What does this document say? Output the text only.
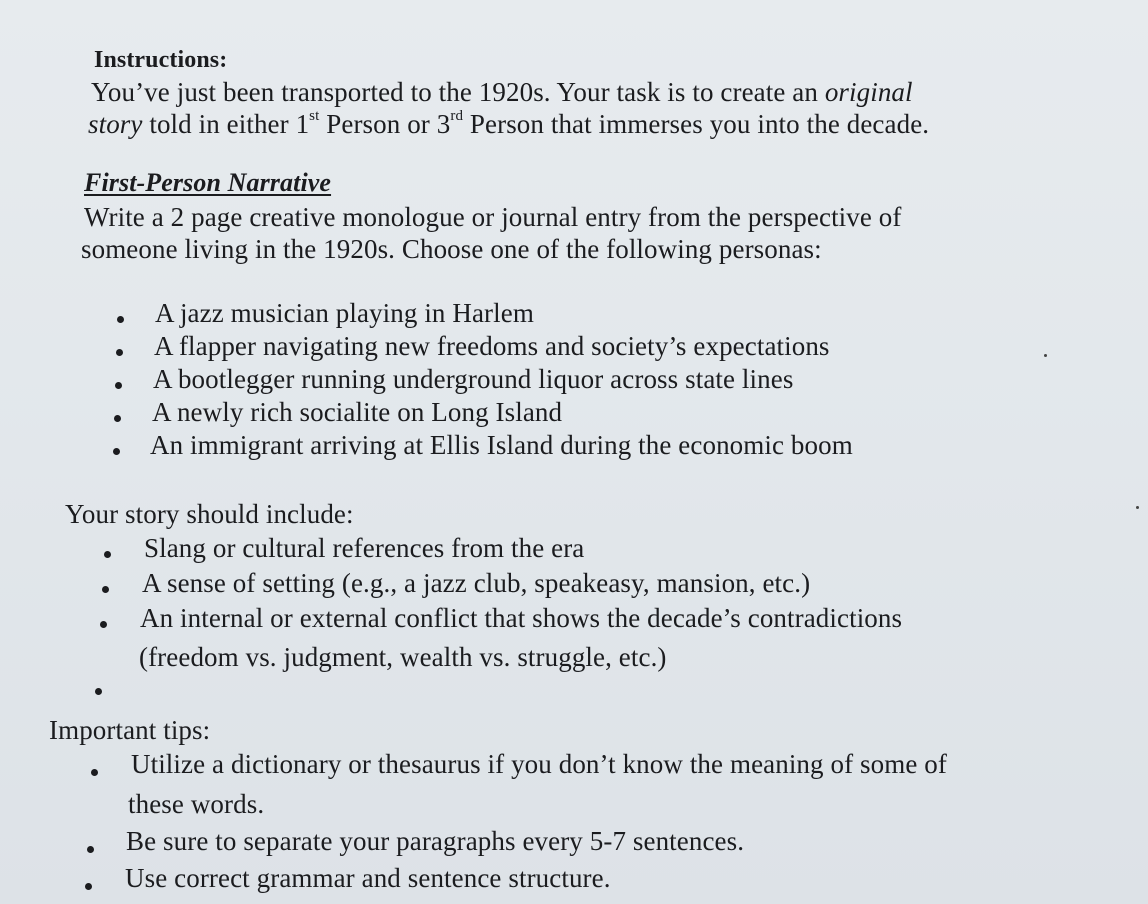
Instructions:
You’ve just been transported to the 1920s. Your task is to create an original
story told in either 1st Person or 3rd Person that immerses you into the decade.
First-Person Narrative
Write a 2 page creative monologue or journal entry from the perspective of
someone living in the 1920s. Choose one of the following personas:
A jazz musician playing in Harlem
A flapper navigating new freedoms and society’s expectations
A bootlegger running underground liquor across state lines
A newly rich socialite on Long Island
An immigrant arriving at Ellis Island during the economic boom
Your story should include:
Slang or cultural references from the era
A sense of setting (e.g., a jazz club, speakeasy, mansion, etc.)
An internal or external conflict that shows the decade’s contradictions
(freedom vs. judgment, wealth vs. struggle, etc.)
Important tips:
Utilize a dictionary or thesaurus if you don’t know the meaning of some of
these words.
Be sure to separate your paragraphs every 5-7 sentences.
Use correct grammar and sentence structure.
